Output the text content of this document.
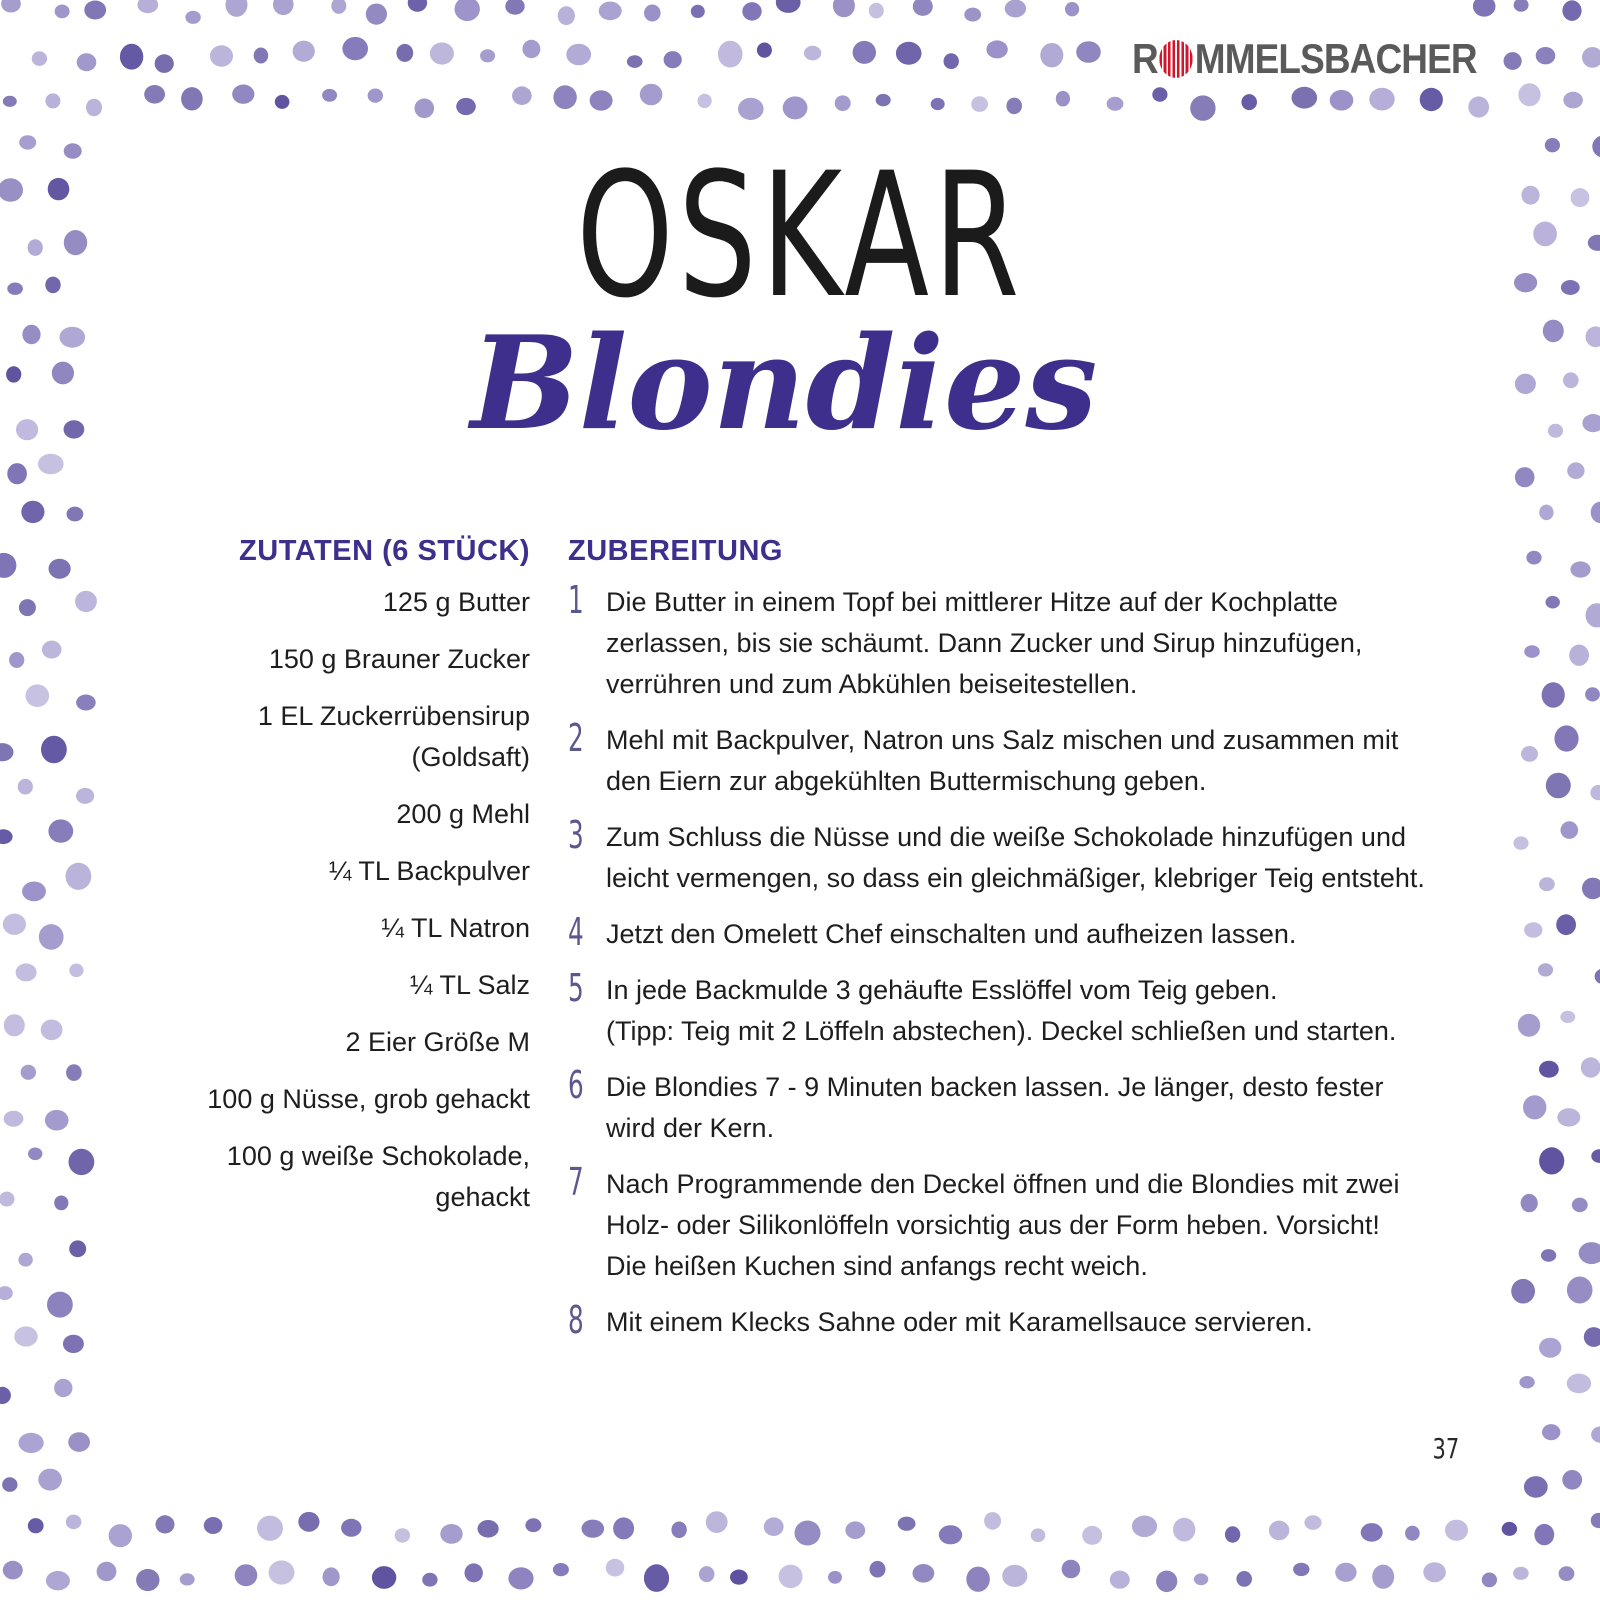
R MMELSBACHER
OSKAR
Blondies
ZUTATEN (6 STÜCK)
125 g Butter
150 g Brauner Zucker
1 EL Zuckerrübensirup
(Goldsaft)
200 g Mehl
¼ TL Backpulver
¼ TL Natron
¼ TL Salz
2 Eier Größe M
100 g Nüsse, grob gehackt
100 g weiße Schokolade,
gehackt
ZUBEREITUNG
1 Die Butter in einem Topf bei mittlerer Hitze auf der Kochplatte
zerlassen, bis sie schäumt. Dann Zucker und Sirup hinzufügen,
verrühren und zum Abkühlen beiseitestellen.
2 Mehl mit Backpulver, Natron uns Salz mischen und zusammen mit
den Eiern zur abgekühlten Buttermischung geben.
3 Zum Schluss die Nüsse und die weiße Schokolade hinzufügen und
leicht vermengen, so dass ein gleichmäßiger, klebriger Teig entsteht.
4 Jetzt den Omelett Chef einschalten und aufheizen lassen.
5 In jede Backmulde 3 gehäufte Esslöffel vom Teig geben.
(Tipp: Teig mit 2 Löffeln abstechen). Deckel schließen und starten.
6 Die Blondies 7 - 9 Minuten backen lassen. Je länger, desto fester
wird der Kern.
7 Nach Programmende den Deckel öffnen und die Blondies mit zwei
Holz- oder Silikonlöffeln vorsichtig aus der Form heben. Vorsicht!
Die heißen Kuchen sind anfangs recht weich.
8 Mit einem Klecks Sahne oder mit Karamellsauce servieren.
37
